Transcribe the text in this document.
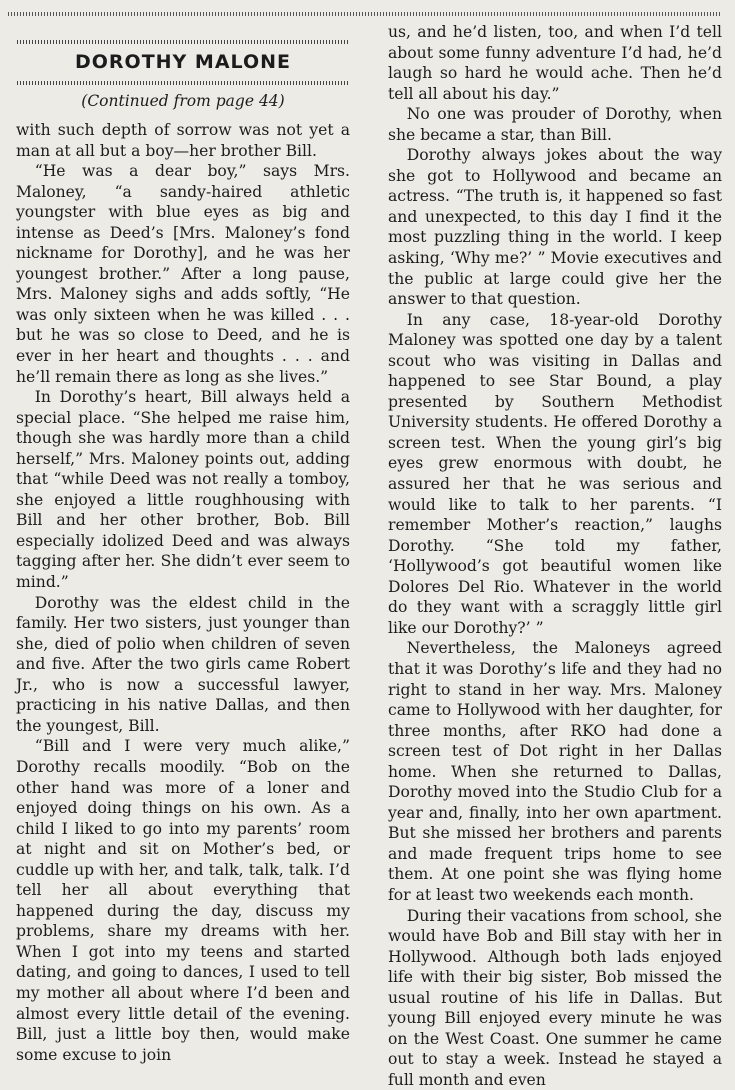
DOROTHY MALONE
(Continued from page 44)

with such depth of sorrow was not yet a man at all but a boy—her brother Bill.

“He was a dear boy,” says Mrs. Maloney, “a sandy-haired athletic youngster with blue eyes as big and intense as Deed’s [Mrs. Maloney’s fond nickname for Dorothy], and he was her youngest brother.” After a long pause, Mrs. Maloney sighs and adds softly, “He was only sixteen when he was killed . . . but he was so close to Deed, and he is ever in her heart and thoughts . . . and he’ll remain there as long as she lives.”

In Dorothy’s heart, Bill always held a special place. “She helped me raise him, though she was hardly more than a child herself,” Mrs. Maloney points out, adding that “while Deed was not really a tomboy, she enjoyed a little roughhousing with Bill and her other brother, Bob. Bill especially idolized Deed and was always tagging after her. She didn’t ever seem to mind.”

Dorothy was the eldest child in the family. Her two sisters, just younger than she, died of polio when children of seven and five. After the two girls came Robert Jr., who is now a successful lawyer, practicing in his native Dallas, and then the youngest, Bill.

“Bill and I were very much alike,” Dorothy recalls moodily. “Bob on the other hand was more of a loner and enjoyed doing things on his own. As a child I liked to go into my parents’ room at night and sit on Mother’s bed, or cuddle up with her, and talk, talk, talk. I’d tell her all about everything that happened during the day, discuss my problems, share my dreams with her. When I got into my teens and started dating, and going to dances, I used to tell my mother all about where I’d been and almost every little detail of the evening. Bill, just a little boy then, would make some excuse to join

us, and he’d listen, too, and when I’d tell about some funny adventure I’d had, he’d laugh so hard he would ache. Then he’d tell all about his day.”

No one was prouder of Dorothy, when she became a star, than Bill.

Dorothy always jokes about the way she got to Hollywood and became an actress. “The truth is, it happened so fast and unexpected, to this day I find it the most puzzling thing in the world. I keep asking, ‘Why me?’ ” Movie executives and the public at large could give her the answer to that question.

In any case, 18-year-old Dorothy Maloney was spotted one day by a talent scout who was visiting in Dallas and happened to see Star Bound, a play presented by Southern Methodist University students. He offered Dorothy a screen test. When the young girl’s big eyes grew enormous with doubt, he assured her that he was serious and would like to talk to her parents. “I remember Mother’s reaction,” laughs Dorothy. “She told my father, ‘Hollywood’s got beautiful women like Dolores Del Rio. Whatever in the world do they want with a scraggly little girl like our Dorothy?’ ”

Nevertheless, the Maloneys agreed that it was Dorothy’s life and they had no right to stand in her way. Mrs. Maloney came to Hollywood with her daughter, for three months, after RKO had done a screen test of Dot right in her Dallas home. When she returned to Dallas, Dorothy moved into the Studio Club for a year and, finally, into her own apartment. But she missed her brothers and parents and made frequent trips home to see them. At one point she was flying home for at least two weekends each month.

During their vacations from school, she would have Bob and Bill stay with her in Hollywood. Although both lads enjoyed life with their big sister, Bob missed the usual routine of his life in Dallas. But young Bill enjoyed every minute he was on the West Coast. One summer he came out to stay a week. Instead he stayed a full month and even
